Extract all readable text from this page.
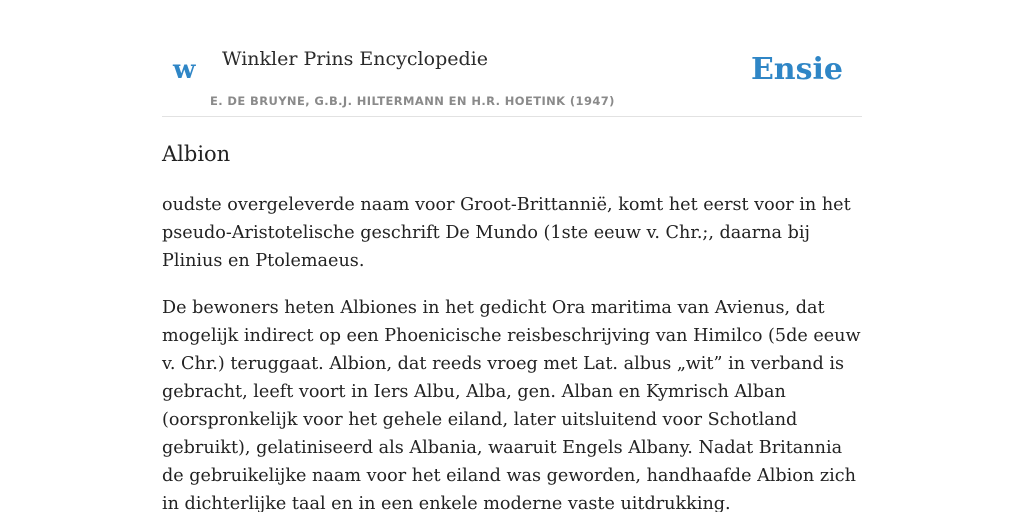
w Winkler Prins Encyclopedie
E. DE BRUYNE, G.B.J. HILTERMANN EN H.R. HOETINK (1947)
Ensie
Albion

oudste overgeleverde naam voor Groot-Brittannië, komt het eerst voor in het pseudo-Aristotelische geschrift De Mundo (1ste eeuw v. Chr.;, daarna bij Plinius en Ptolemaeus.

De bewoners heten Albiones in het gedicht Ora maritima van Avienus, dat mogelijk indirect op een Phoenicische reisbeschrijving van Himilco (5de eeuw v. Chr.) teruggaat. Albion, dat reeds vroeg met Lat. albus „wit” in verband is gebracht, leeft voort in Iers Albu, Alba, gen. Alban en Kymrisch Alban (oorspronkelijk voor het gehele eiland, later uitsluitend voor Schotland gebruikt), gelatiniseerd als Albania, waaruit Engels Albany. Nadat Britannia de gebruikelijke naam voor het eiland was geworden, handhaafde Albion zich in dichterlijke taal en in een enkele moderne vaste uitdrukking.
